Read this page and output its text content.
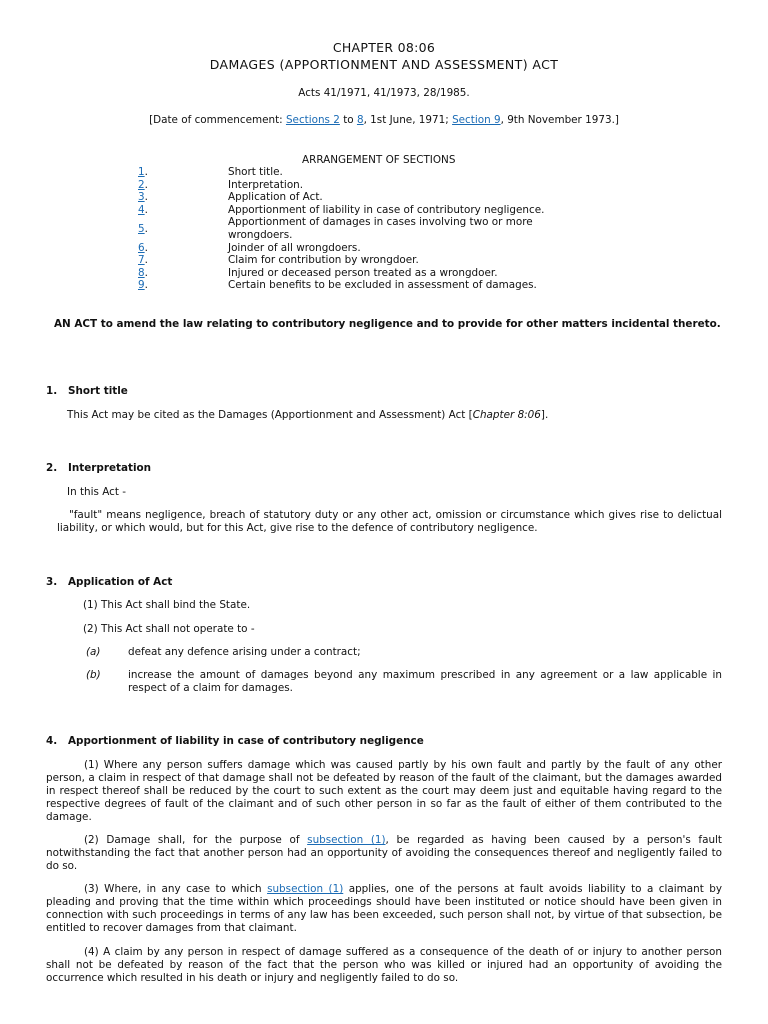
CHAPTER 08:06
DAMAGES (APPORTIONMENT AND ASSESSMENT) ACT
Acts 41/1971, 41/1973, 28/1985.
[Date of commencement: Sections 2 to 8, 1st June, 1971; Section 9, 9th November 1973.]
ARRANGEMENT OF SECTIONS
1.	Short title.
2.	Interpretation.
3.	Application of Act.
4.	Apportionment of liability in case of contributory negligence.
5.	Apportionment of damages in cases involving two or more wrongdoers.
6.	Joinder of all wrongdoers.
7.	Claim for contribution by wrongdoer.
8.	Injured or deceased person treated as a wrongdoer.
9.	Certain benefits to be excluded in assessment of damages.
AN ACT to amend the law relating to contributory negligence and to provide for other matters incidental thereto.
1. Short title
This Act may be cited as the Damages (Apportionment and Assessment) Act [Chapter 8:06].
2. Interpretation
In this Act -
"fault" means negligence, breach of statutory duty or any other act, omission or circumstance which gives rise to delictual liability, or which would, but for this Act, give rise to the defence of contributory negligence.
3. Application of Act
(1) This Act shall bind the State.
(2) This Act shall not operate to -
(a)	defeat any defence arising under a contract;
(b)	increase the amount of damages beyond any maximum prescribed in any agreement or a law applicable in respect of a claim for damages.
4. Apportionment of liability in case of contributory negligence
(1) Where any person suffers damage which was caused partly by his own fault and partly by the fault of any other person, a claim in respect of that damage shall not be defeated by reason of the fault of the claimant, but the damages awarded in respect thereof shall be reduced by the court to such extent as the court may deem just and equitable having regard to the respective degrees of fault of the claimant and of such other person in so far as the fault of either of them contributed to the damage.
(2) Damage shall, for the purpose of subsection (1), be regarded as having been caused by a person's fault notwithstanding the fact that another person had an opportunity of avoiding the consequences thereof and negligently failed to do so.
(3) Where, in any case to which subsection (1) applies, one of the persons at fault avoids liability to a claimant by pleading and proving that the time within which proceedings should have been instituted or notice should have been given in connection with such proceedings in terms of any law has been exceeded, such person shall not, by virtue of that subsection, be entitled to recover damages from that claimant.
(4) A claim by any person in respect of damage suffered as a consequence of the death of or injury to another person shall not be defeated by reason of the fact that the person who was killed or injured had an opportunity of avoiding the occurrence which resulted in his death or injury and negligently failed to do so.
